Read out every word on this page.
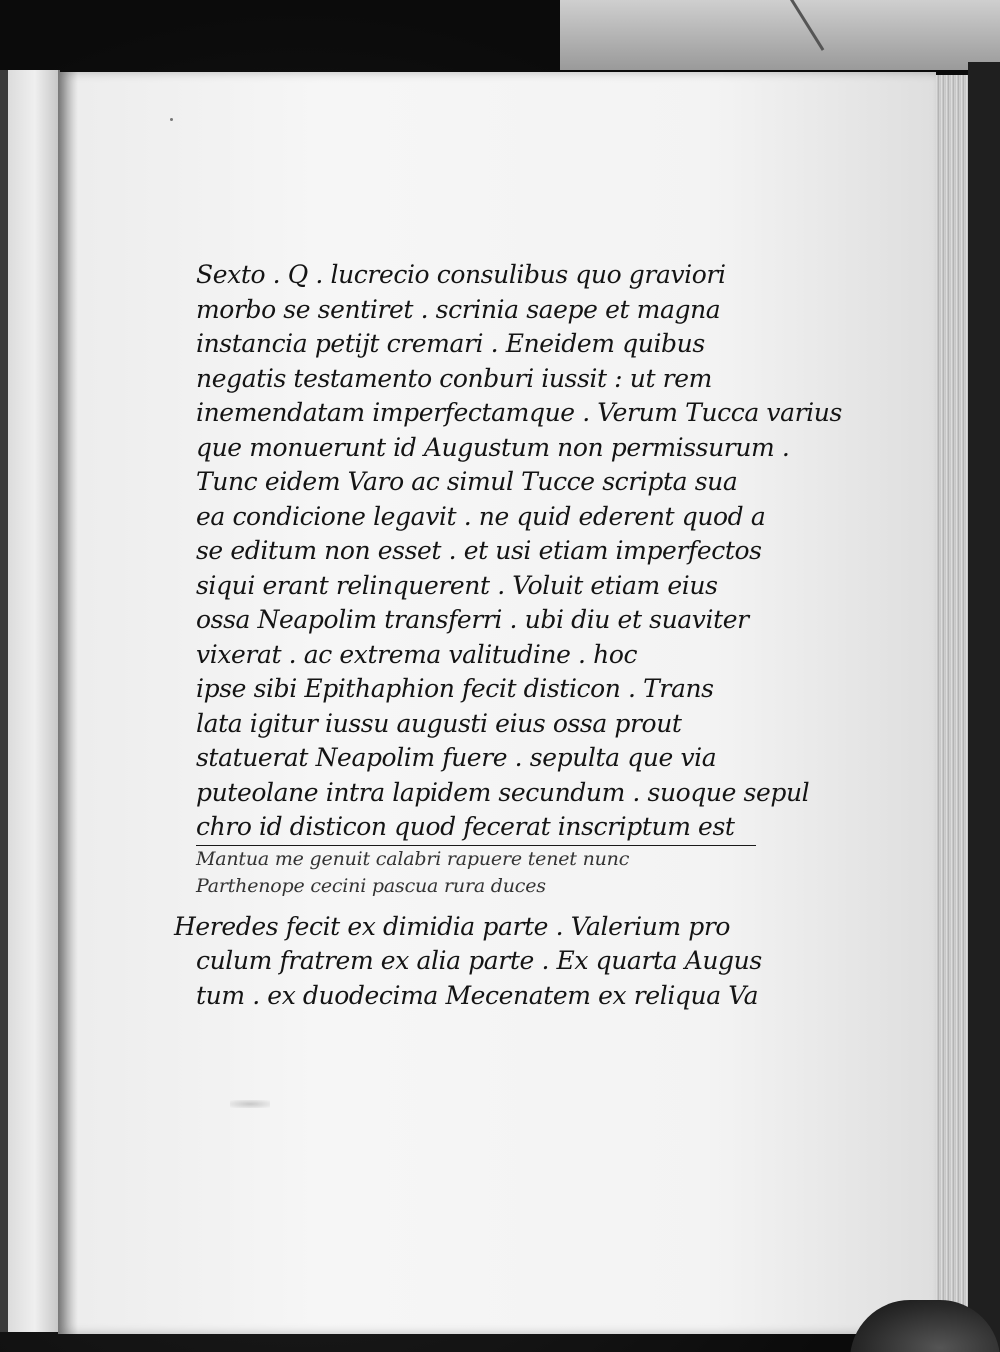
Sexto . Q . lucrecio consulibus quo graviori
morbo se sentiret . scrinia saepe et magna
instancia petijt cremari . Eneidem quibus
negatis testamento conburi iussit : ut rem
inemendatam imperfectamque . Verum Tucca varius
que monuerunt id Augustum non permissurum .
Tunc eidem Varo ac simul Tucce scripta sua
ea condicione legavit . ne quid ederent quod a
se editum non esset . et usi etiam imperfectos
siqui erant relinquerent . Voluit etiam eius
ossa Neapolim transferri . ubi diu et suaviter
vixerat . ac extrema valitudine . hoc
ipse sibi Epithaphion fecit disticon . Trans
lata igitur iussu augusti eius ossa prout
statuerat Neapolim fuere . sepulta que via
puteolane intra lapidem secundum . suoque sepul
chro id disticon quod fecerat inscriptum est
Mantua me genuit calabri rapuere tenet nunc
Parthenope cecini pascua rura duces
Heredes fecit ex dimidia parte . Valerium pro
culum fratrem ex alia parte . Ex quarta Augus
tum . ex duodecima Mecenatem ex reliqua Va
